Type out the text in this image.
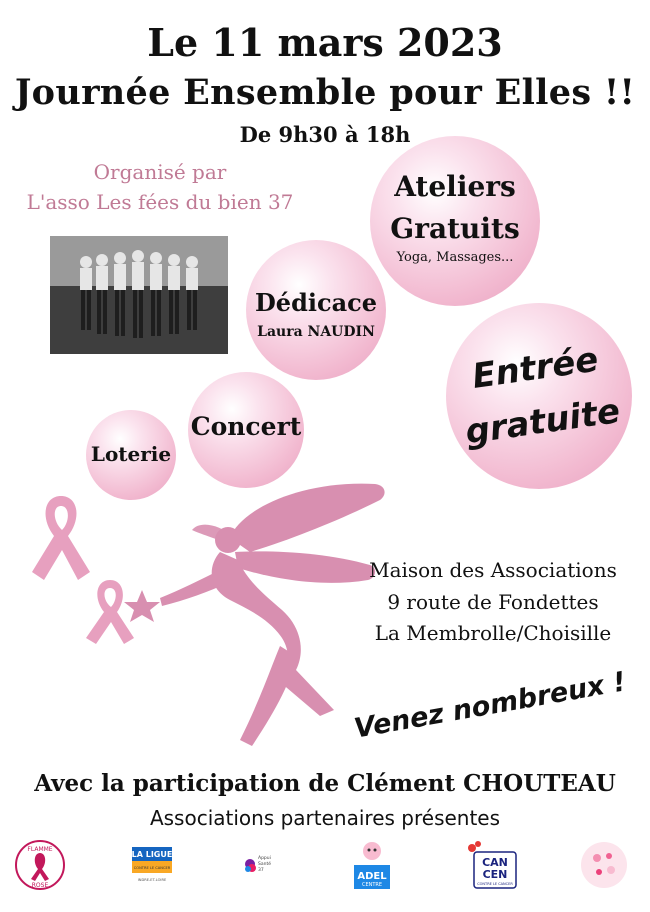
Le 11 mars 2023
Journée Ensemble pour Elles !!
De 9h30 à 18h
Organisé par
L'asso Les fées du bien 37	Ateliers
Gratuits
Yoga, Massages...
Dédicace
Laura NAUDIN
Entrée
gratuite
Concert
Loterie
Maison des Associations
9 route de Fondettes
La Membrolle/Choisille
Venez nombreux !
Avec la participation de Clément CHOUTEAU
Associations partenaires présentes
FLAMME
ROSE
LA LIGUE
CONTRE LE CANCER
INDRE-ET-LOIRE
Appui
Santé
37
ADEL
CENTRE
CAN
CEN
CONTRE LE CANCER
